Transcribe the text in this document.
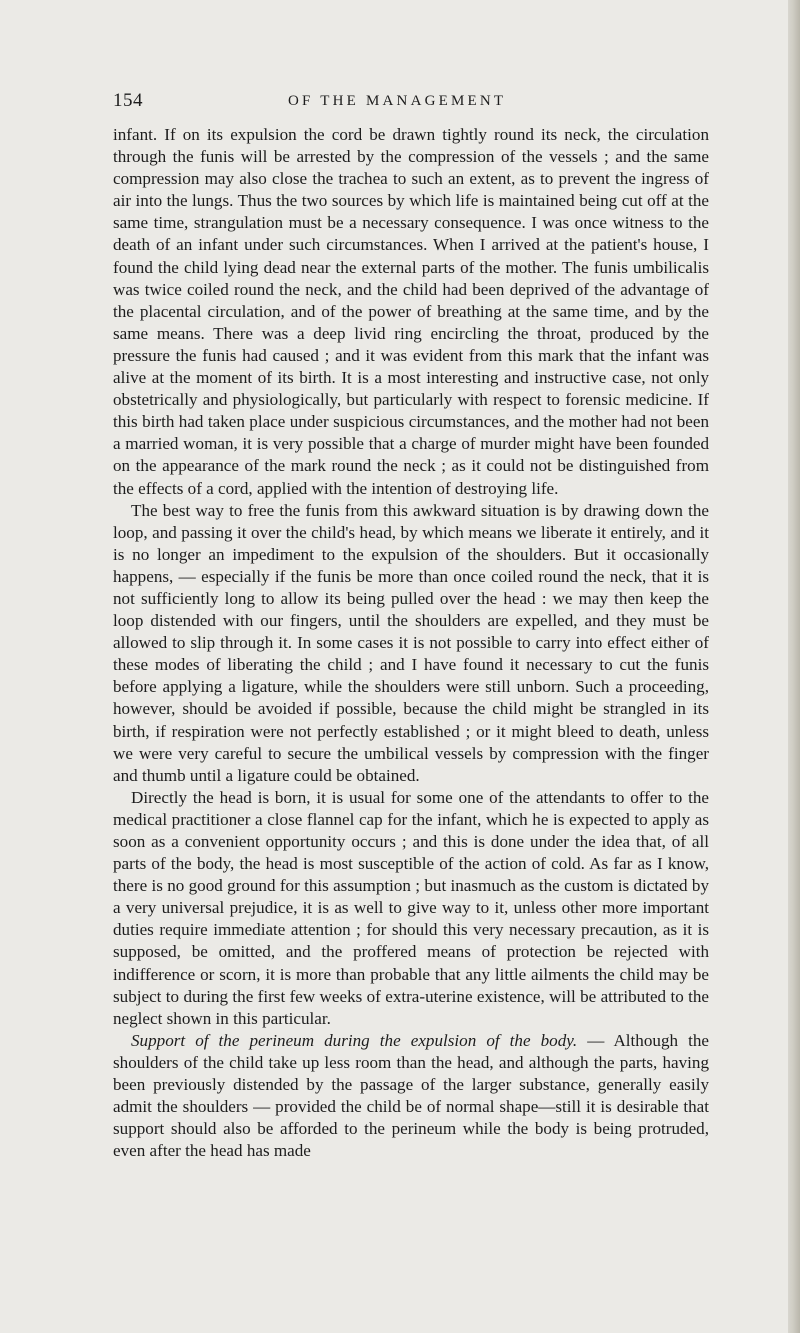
154	OF THE MANAGEMENT

infant. If on its expulsion the cord be drawn tightly round its neck, the circulation through the funis will be arrested by the compression of the vessels ; and the same compression may also close the trachea to such an extent, as to prevent the ingress of air into the lungs. Thus the two sources by which life is maintained being cut off at the same time, strangulation must be a necessary consequence. I was once witness to the death of an infant under such circumstances. When I arrived at the patient's house, I found the child lying dead near the external parts of the mother. The funis umbilicalis was twice coiled round the neck, and the child had been deprived of the advantage of the placental circulation, and of the power of breathing at the same time, and by the same means. There was a deep livid ring encircling the throat, produced by the pressure the funis had caused ; and it was evident from this mark that the infant was alive at the moment of its birth. It is a most interesting and instructive case, not only obstetrically and physiologically, but particularly with respect to forensic medicine. If this birth had taken place under suspicious circumstances, and the mother had not been a married woman, it is very possible that a charge of murder might have been founded on the appearance of the mark round the neck ; as it could not be distinguished from the effects of a cord, applied with the intention of destroying life.

The best way to free the funis from this awkward situation is by drawing down the loop, and passing it over the child's head, by which means we liberate it entirely, and it is no longer an impediment to the expulsion of the shoulders. But it occasionally happens, — especially if the funis be more than once coiled round the neck, that it is not sufficiently long to allow its being pulled over the head : we may then keep the loop distended with our fingers, until the shoulders are expelled, and they must be allowed to slip through it. In some cases it is not possible to carry into effect either of these modes of liberating the child ; and I have found it necessary to cut the funis before applying a ligature, while the shoulders were still unborn. Such a proceeding, however, should be avoided if possible, because the child might be strangled in its birth, if respiration were not perfectly established ; or it might bleed to death, unless we were very careful to secure the umbilical vessels by compression with the finger and thumb until a ligature could be obtained.

Directly the head is born, it is usual for some one of the attendants to offer to the medical practitioner a close flannel cap for the infant, which he is expected to apply as soon as a convenient opportunity occurs ; and this is done under the idea that, of all parts of the body, the head is most susceptible of the action of cold. As far as I know, there is no good ground for this assumption ; but inasmuch as the custom is dictated by a very universal prejudice, it is as well to give way to it, unless other more important duties require immediate attention ; for should this very necessary precaution, as it is supposed, be omitted, and the proffered means of protection be rejected with indifference or scorn, it is more than probable that any little ailments the child may be subject to during the first few weeks of extra-uterine existence, will be attributed to the neglect shown in this particular.

Support of the perineum during the expulsion of the body. — Although the shoulders of the child take up less room than the head, and although the parts, having been previously distended by the passage of the larger substance, generally easily admit the shoulders — provided the child be of normal shape—still it is desirable that support should also be afforded to the perineum while the body is being protruded, even after the head has made
